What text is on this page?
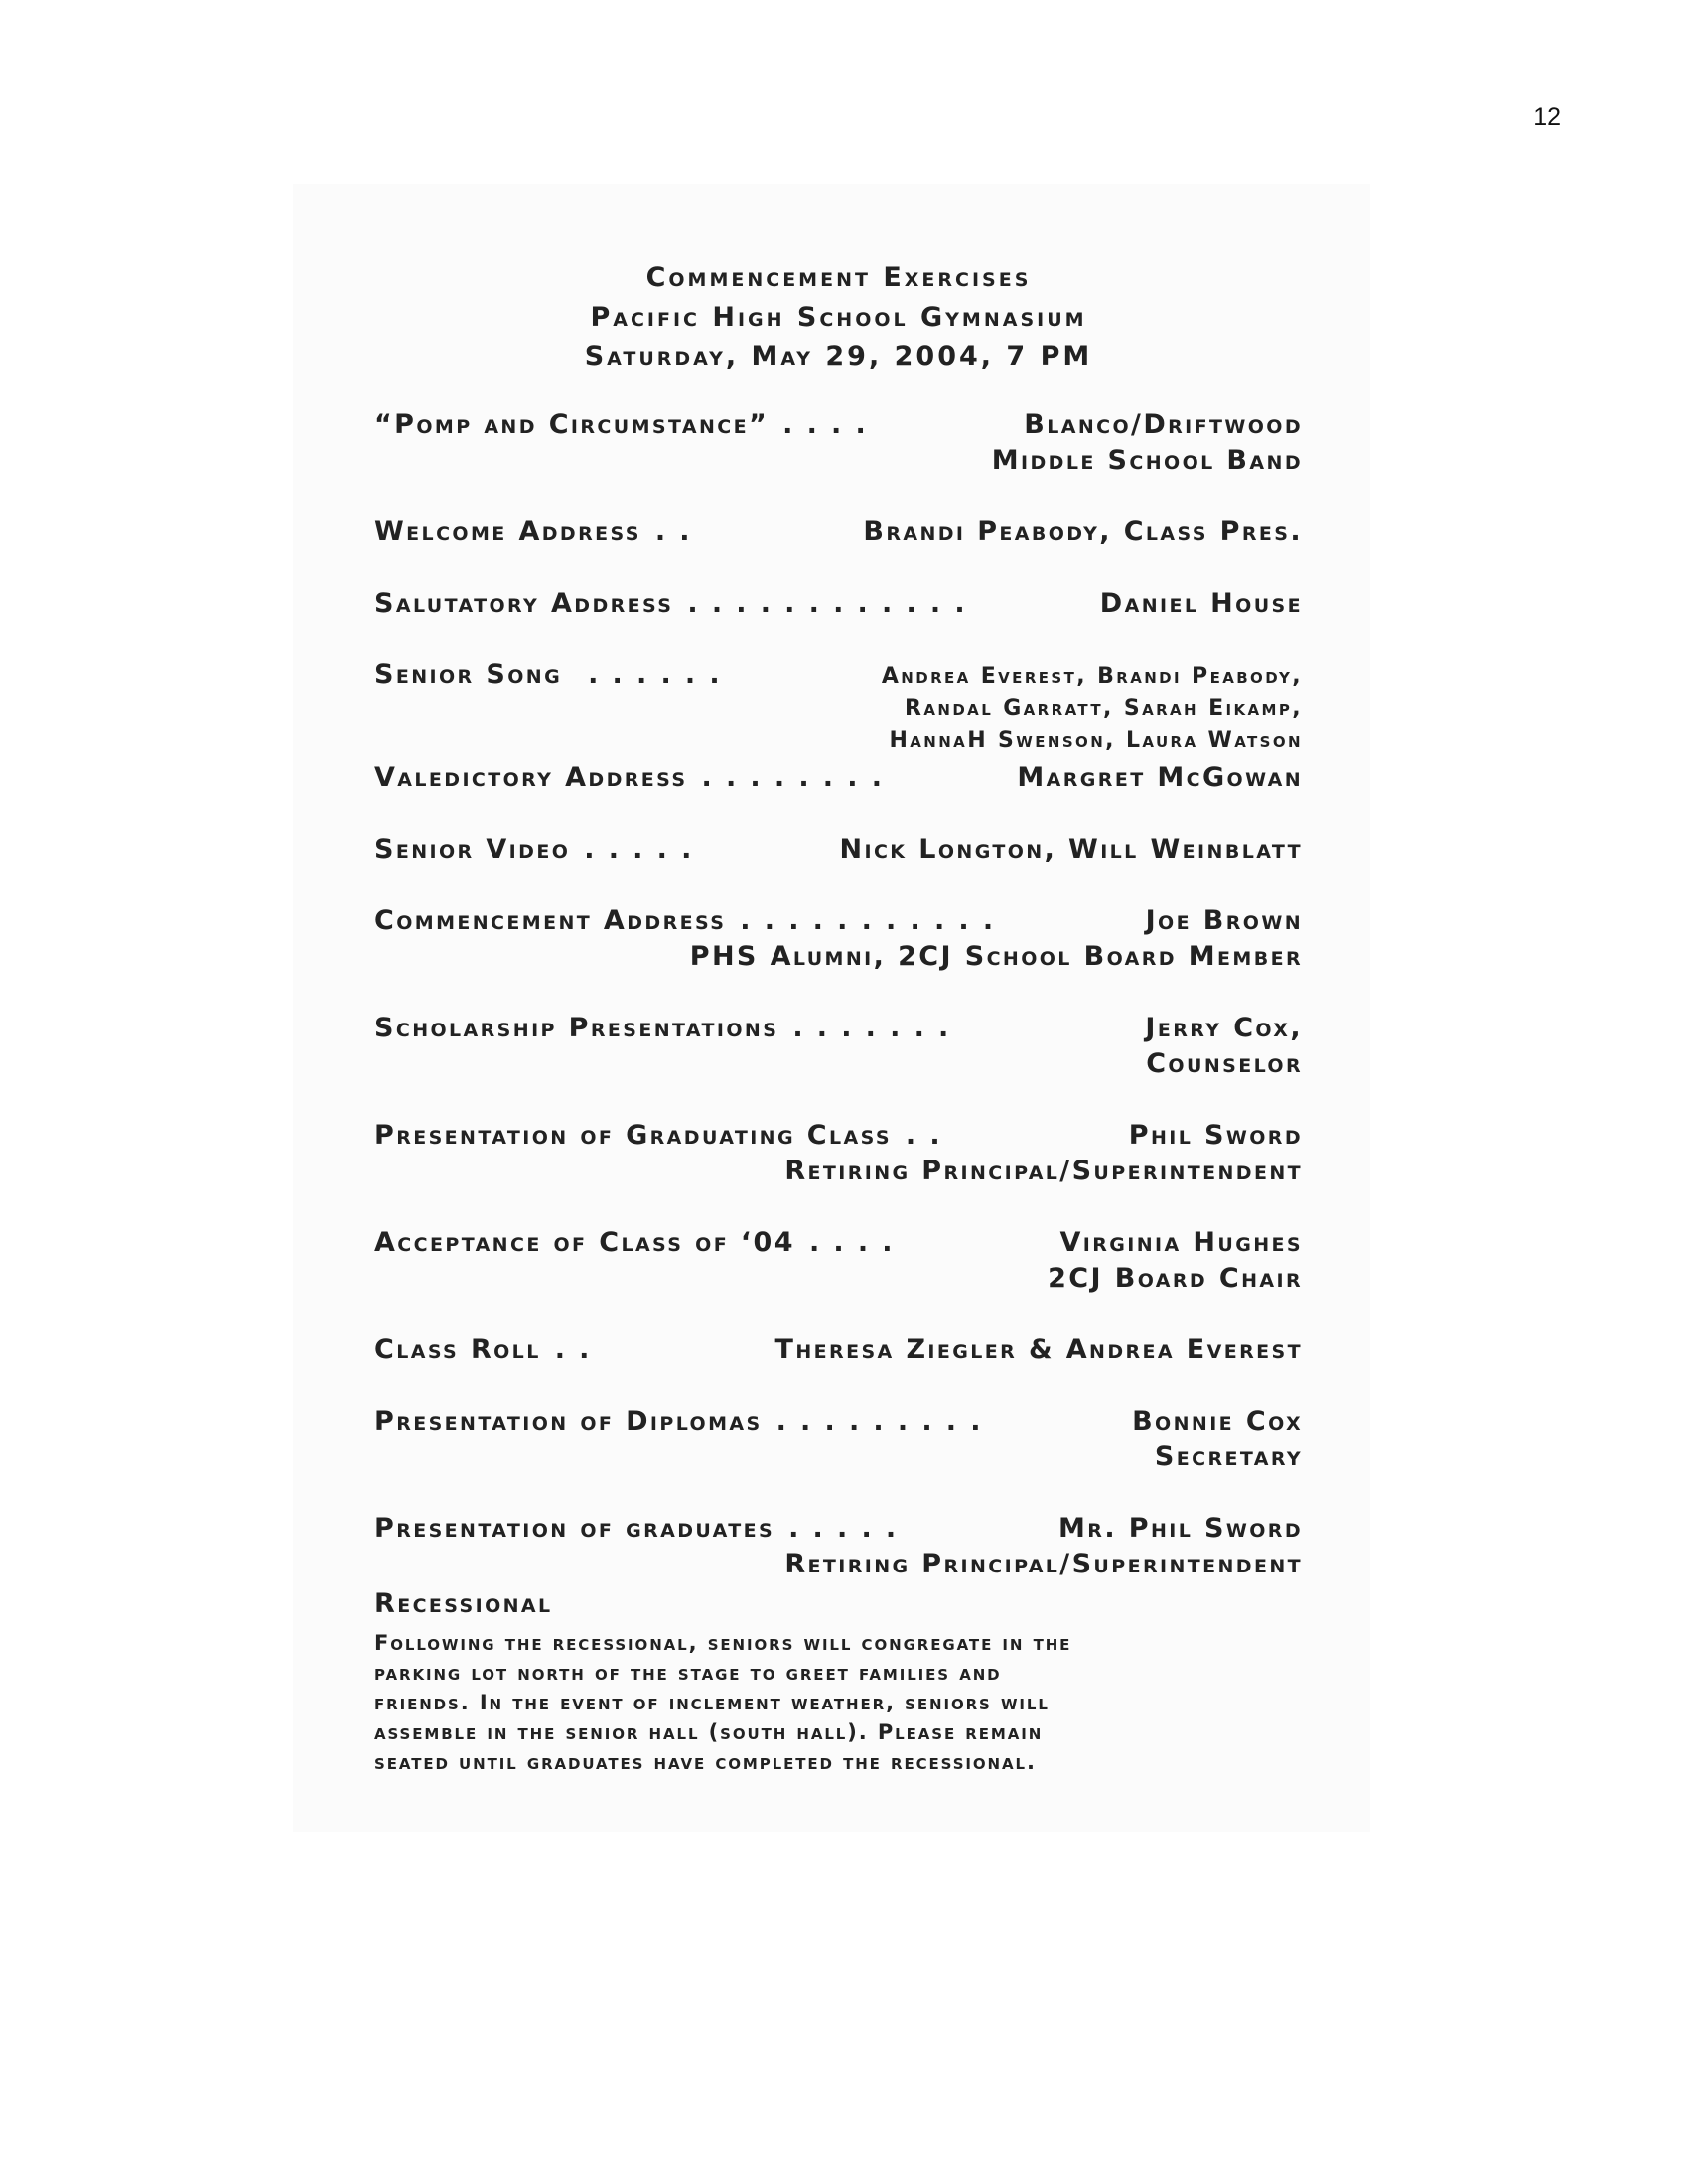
12
Commencement Exercises
Pacific High School Gymnasium
Saturday, May 29, 2004, 7 PM
“Pomp and Circumstance” . . . .	Blanco/Driftwood
Middle School Band
Welcome Address . .	Brandi Peabody, Class Pres.
Salutatory Address . . . . . . . . . . . .	Daniel House
Senior Song . . . . . .	Andrea Everest, Brandi Peabody,
Randal Garratt, Sarah Eikamp,
HannaH Swenson, Laura Watson
Valedictory Address . . . . . . . .	Margret McGowan
Senior Video . . . . .	Nick Longton, Will Weinblatt
Commencement Address . . . . . . . . . . .	Joe Brown
PHS Alumni, 2CJ School Board Member
Scholarship Presentations . . . . . . .	Jerry Cox,
Counselor
Presentation of Graduating Class . .	Phil Sword
Retiring Principal/Superintendent
Acceptance of Class of ‘04 . . . .	Virginia Hughes
2CJ Board Chair
Class Roll . .	Theresa Ziegler & Andrea Everest
Presentation of Diplomas . . . . . . . . .	Bonnie Cox
Secretary
Presentation of graduates . . . . .	Mr. Phil Sword
Retiring Principal/Superintendent
Recessional
Following the recessional, seniors will congregate in the
parking lot north of the stage to greet families and
friends. In the event of inclement weather, seniors will
assemble in the senior hall (south hall). Please remain
seated until graduates have completed the recessional.
